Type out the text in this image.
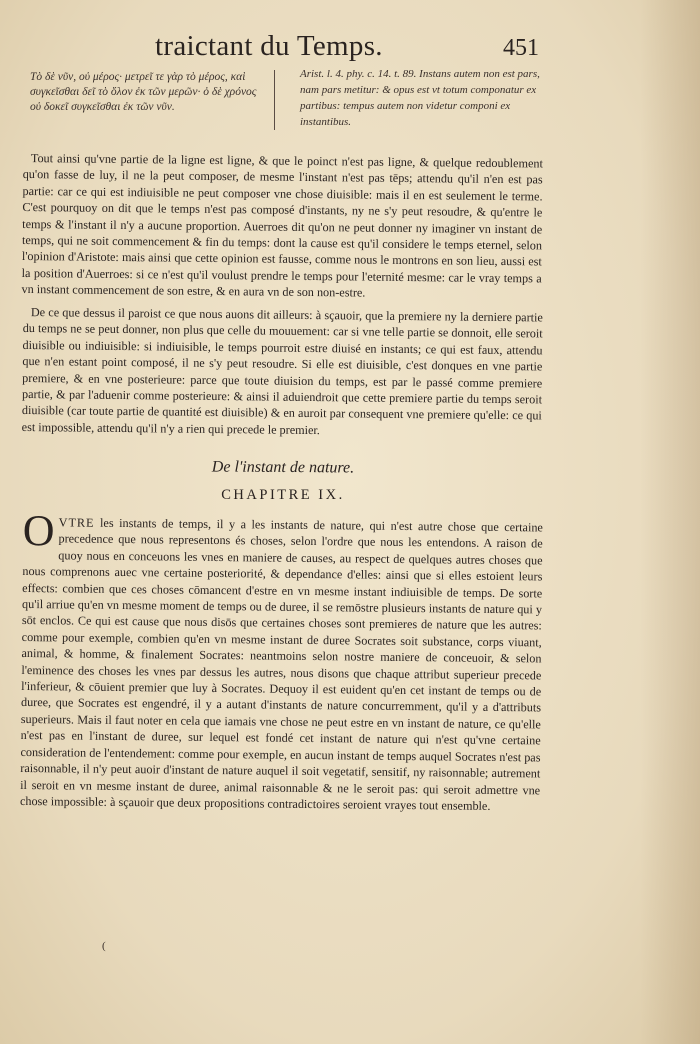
traictant du Temps.	451
Τὸ δὲ νῦν, οὐ μέρος· μετρεῖ τε γὰρ τὸ μέρος, καὶ συγκεῖσθαι δεῖ τὸ ὅλον ἐκ τῶν μερῶν· ὁ δὲ χρόνος οὐ δοκεῖ συγκεῖσθαι ἐκ τῶν νῦν.
Arist. l. 4. phy. c. 14. t. 89. Instans autem non est pars, nam pars metitur: & opus est vt totum componatur ex partibus: tempus autem non videtur componi ex instantibus.

Tout ainsi qu'vne partie de la ligne est ligne, & que le poinct n'est pas ligne, & quelque redoublement qu'on fasse de luy, il ne la peut composer, de mesme l'instant n'est pas tēps; attendu qu'il n'en est pas partie: car ce qui est indiuisible ne peut composer vne chose diuisible: mais il en est seulement le terme. C'est pourquoy on dit que le temps n'est pas composé d'instants, ny ne s'y peut resoudre, & qu'entre le temps & l'instant il n'y a aucune proportion. Auerroes dit qu'on ne peut donner ny imaginer vn instant de temps, qui ne soit commencement & fin du temps: dont la cause est qu'il considere le temps eternel, selon l'opinion d'Aristote: mais ainsi que cette opinion est fausse, comme nous le montrons en son lieu, aussi est la position d'Auerroes: si ce n'est qu'il voulust prendre le temps pour l'eternité mesme: car le vray temps a vn instant commencement de son estre, & en aura vn de son non-estre.

De ce que dessus il paroist ce que nous auons dit ailleurs: à sçauoir, que la premiere ny la derniere partie du temps ne se peut donner, non plus que celle du mouuement: car si vne telle partie se donnoit, elle seroit diuisible ou indiuisible: si indiuisible, le temps pourroit estre diuisé en instants; ce qui est faux, attendu que n'en estant point composé, il ne s'y peut resoudre. Si elle est diuisible, c'est donques en vne partie premiere, & en vne posterieure: parce que toute diuision du temps, est par le passé comme premiere partie, & par l'aduenir comme posterieure: & ainsi il aduiendroit que cette premiere partie du temps seroit diuisible (car toute partie de quantité est diuisible) & en auroit par consequent vne premiere qu'elle: ce qui est impossible, attendu qu'il n'y a rien qui precede le premier.

De l'instant de nature.
CHAPITRE IX.

OVTRE les instants de temps, il y a les instants de nature, qui n'est autre chose que certaine precedence que nous representons és choses, selon l'ordre que nous les entendons. A raison de quoy nous en conceuons les vnes en maniere de causes, au respect de quelques autres choses que nous comprenons auec vne certaine posteriorité, & dependance d'elles: ainsi que si elles estoient leurs effects: combien que ces choses cōmancent d'estre en vn mesme instant indiuisible de temps. De sorte qu'il arriue qu'en vn mesme moment de temps ou de duree, il se remōstre plusieurs instants de nature qui y sōt enclos. Ce qui est cause que nous disōs que certaines choses sont premieres de nature que les autres: comme pour exemple, combien qu'en vn mesme instant de duree Socrates soit substance, corps viuant, animal, & homme, & finalement Socrates: neantmoins selon nostre maniere de conceuoir, & selon l'eminence des choses les vnes par dessus les autres, nous disons que chaque attribut superieur precede l'inferieur, & cōuient premier que luy à Socrates. Dequoy il est euident qu'en cet instant de temps ou de duree, que Socrates est engendré, il y a autant d'instants de nature concurremment, qu'il y a d'attributs superieurs. Mais il faut noter en cela que iamais vne chose ne peut estre en vn instant de nature, ce qu'elle n'est pas en l'instant de duree, sur lequel est fondé cet instant de nature qui n'est qu'vne certaine consideration de l'entendement: comme pour exemple, en aucun instant de temps auquel Socrates n'est pas raisonnable, il n'y peut auoir d'instant de nature auquel il soit vegetatif, sensitif, ny raisonnable; autrement il seroit en vn mesme instant de duree, animal raisonnable & ne le seroit pas: qui seroit admettre vne chose impossible: à sçauoir que deux propositions contradictoires seroient vrayes tout ensemble.

(
